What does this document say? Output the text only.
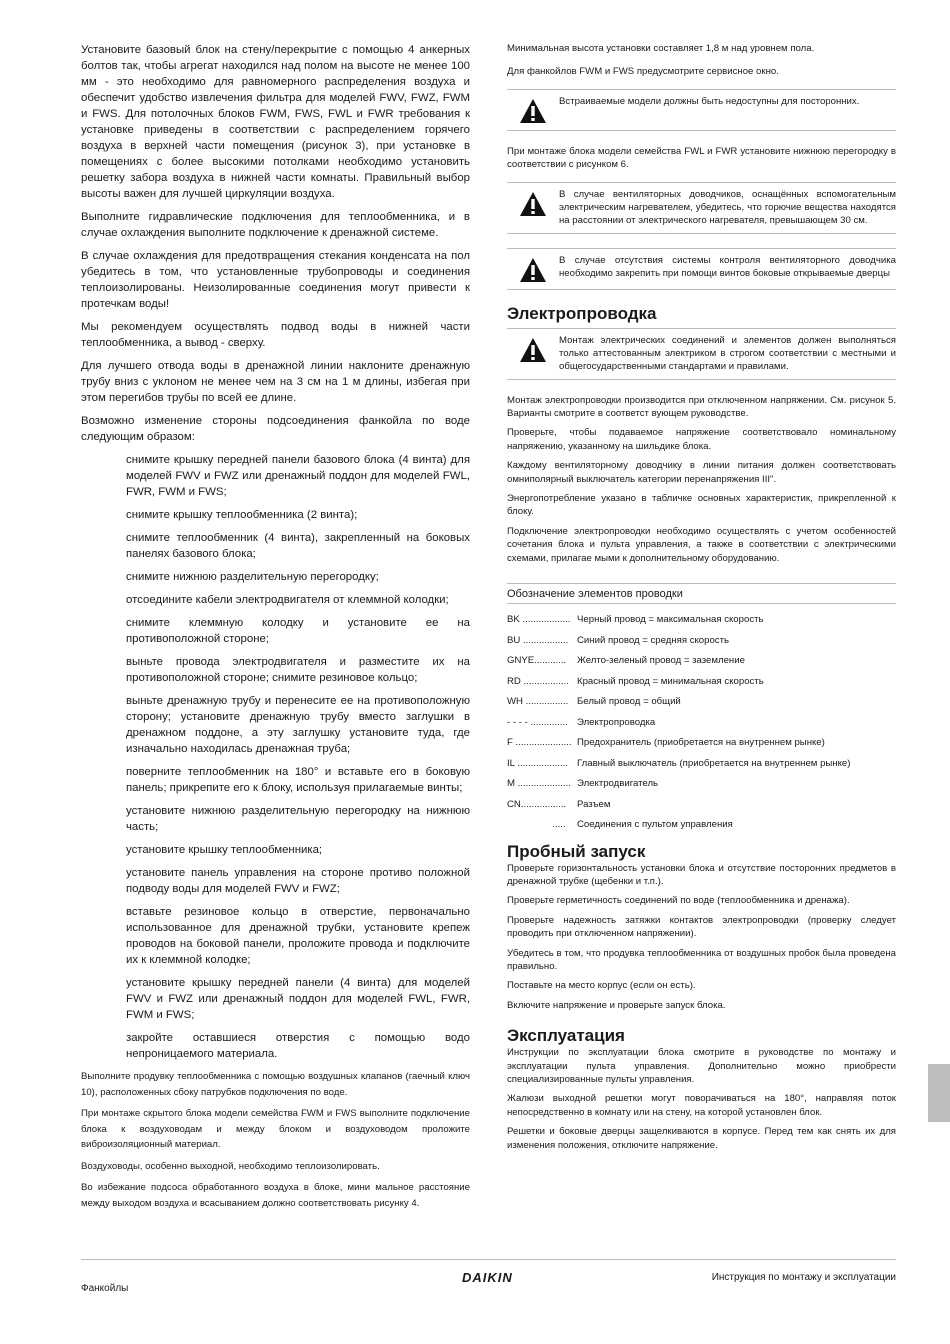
Установите базовый блок на стену/перекрытие с помощью 4 анкерных болтов так, чтобы агрегат находился над полом на высоте не менее 100 мм - это необходимо для равномерного распределения воздуха и обеспечит удобство извлечения фильтра для моделей FWV, FWZ, FWM и FWS. Для потолочных блоков FWM, FWS, FWL и FWR требования к установке приведены в соответствии с распределением горячего воздуха в верхней части помещения (рисунок 3), при установке в помещениях с более высокими потолками необходимо установить решетку забора воздуха в нижней части комнаты. Правильный выбор высоты важен для лучшей циркуляции воздуха.

Выполните гидравлические подключения для теплообменника, и в случае охлаждения выполните подключение к дренажной системе.

В случае охлаждения для предотвращения стекания конденсата на пол убедитесь в том, что установленные трубопроводы и соединения теплоизолированы. Неизолированные соединения могут привести к протечкам воды!

Мы рекомендуем осуществлять подвод воды в нижней части теплообменника, а вывод - сверху.

Для лучшего отвода воды в дренажной линии наклоните дренажную трубу вниз с уклоном не менее чем на 3 см на 1 м длины, избегая при этом перегибов трубы по всей ее длине.

Возможно изменение стороны подсоединения фанкойла по воде следующим образом:

снимите крышку передней панели базового блока (4 винта) для моделей FWV и FWZ или дренажный поддон для моделей FWL, FWR, FWM и FWS;
снимите крышку теплообменника (2 винта);
снимите теплообменник (4 винта), закрепленный на боковых панелях базового блока;
снимите нижнюю разделительную перегородку;
отсоедините кабели электродвигателя от клеммной колодки;
снимите клеммную колодку и установите ее на противоположной стороне;
выньте провода электродвигателя и разместите их на противоположной стороне; снимите резиновое кольцо;
выньте дренажную трубу и перенесите ее на противоположную сторону; установите дренажную трубу вместо заглушки в дренажном поддоне, а эту заглушку установите туда, где изначально находилась дренажная труба;
поверните теплообменник на 180° и вставьте его в боковую панель; прикрепите его к блоку, используя прилагаемые винты;
установите нижнюю разделительную перегородку на нижнюю часть;
установите крышку теплообменника;
установите панель управления на стороне противо положной подводу воды для моделей FWV и FWZ;
вставьте резиновое кольцо в отверстие, первоначально использованное для дренажной трубки, установите крепеж проводов на боковой панели, проложите провода и подключите их к клеммной колодке;
установите крышку передней панели (4 винта) для моделей FWV и FWZ или дренажный поддон для моделей FWL, FWR, FWM и FWS;
закройте оставшиеся отверстия с помощью водо непроницаемого материала.

Выполните продувку теплообменника с помощью воздушных клапанов (гаечный ключ 10), расположенных сбоку патрубков подключения по воде.

При монтаже скрытого блока модели семейства FWM и FWS выполните подключение блока к воздуховодам и между блоком и воздуховодом проложите виброизоляционный материал.

Воздуховоды, особенно выходной, необходимо теплоизолировать.

Во избежание подсоса обработанного воздуха в блоке, мини мальное расстояние между выходом воздуха и всасыванием должно соответствовать рисунку 4.

Минимальная высота установки составляет 1,8 м над уровнем пола.

Для фанкойлов FWM и FWS предусмотрите сервисное окно.

Встраиваемые модели должны быть недоступны для посторонних.

При монтаже блока модели семейства FWL и FWR установите нижнюю перегородку в соответствии с рисунком 6.

В случае вентиляторных доводчиков, оснащённых вспомогательным электрическим нагревателем, убедитесь, что горючие вещества находятся на расстоянии от электрического нагревателя, превышающем 30 см.
В случае отсутствия системы контроля вентиляторного доводчика необходимо закрепить при помощи винтов боковые открываемые дверцы
Электропроводка
Монтаж электрических соединений и элементов должен выполняться только аттестованным электриком в строгом соответствии с местными и общегосударственными стандартами и правилами.

Монтаж электропроводки производится при отключенном напряжении. См. рисунок 5. Варианты смотрите в соответст вующем руководстве.

Проверьте, чтобы подаваемое напряжение соответствовало номинальному напряжению, указанному на шильдике блока.

Каждому вентиляторному доводчику в линии питания должен соответствовать омниполярный выключатель категории перенапряжения III".

Энергопотребление указано в табличке основных характеристик, прикрепленной к блоку.

Подключение электропроводки необходимо осуществлять с учетом особенностей сочетания блока и пульта управления, а также в соответствии с электрическими схемами, прилагае мыми к дополнительному оборудованию.

Обозначение элементов проводки
BK .................. Черный провод = максимальная скорость
BU ................. Синий провод = средняя скорость
GNYE............	Желто-зеленый провод = заземление
RD ................. Красный провод = минимальная скорость
WH ................ Белый провод = общий
- - - - .............. Электропроводка
F ..................... Предохранитель (приобретается на внутреннем рынке)
IL ................... Главный выключатель (приобретается на внутреннем рынке)
M .................... Электродвигатель
CN.................	Разъем
.....	Соединения с пультом управления
Пробный запуск

Проверьте горизонтальность установки блока и отсутствие посторонних предметов в дренажной трубке (щебенки и т.п.).

Проверьте герметичность соединений по воде (теплообменника и дренажа).

Проверьте надежность затяжки контактов электропроводки (проверку следует проводить при отключенном напряжении).

Убедитесь в том, что продувка теплообменника от воздушных пробок была проведена правильно.

Поставьте на место корпус (если он есть).

Включите напряжение и проверьте запуск блока.

Эксплуатация

Инструкции по эксплуатации блока смотрите в руководстве по монтажу и эксплуатации пульта управления. Дополнительно можно приобрести специализированные пульты управления.

Жалюзи выходной решетки могут поворачиваться на 180°, направляя поток непосредственно в комнату или на стену, на которой установлен блок.

Решетки и боковые дверцы защелкиваются в корпусе. Перед тем как снять их для изменения положения, отключите напряжение.

Фанкойлы
DAIKIN	Инструкция по монтажу и эксплуатации
